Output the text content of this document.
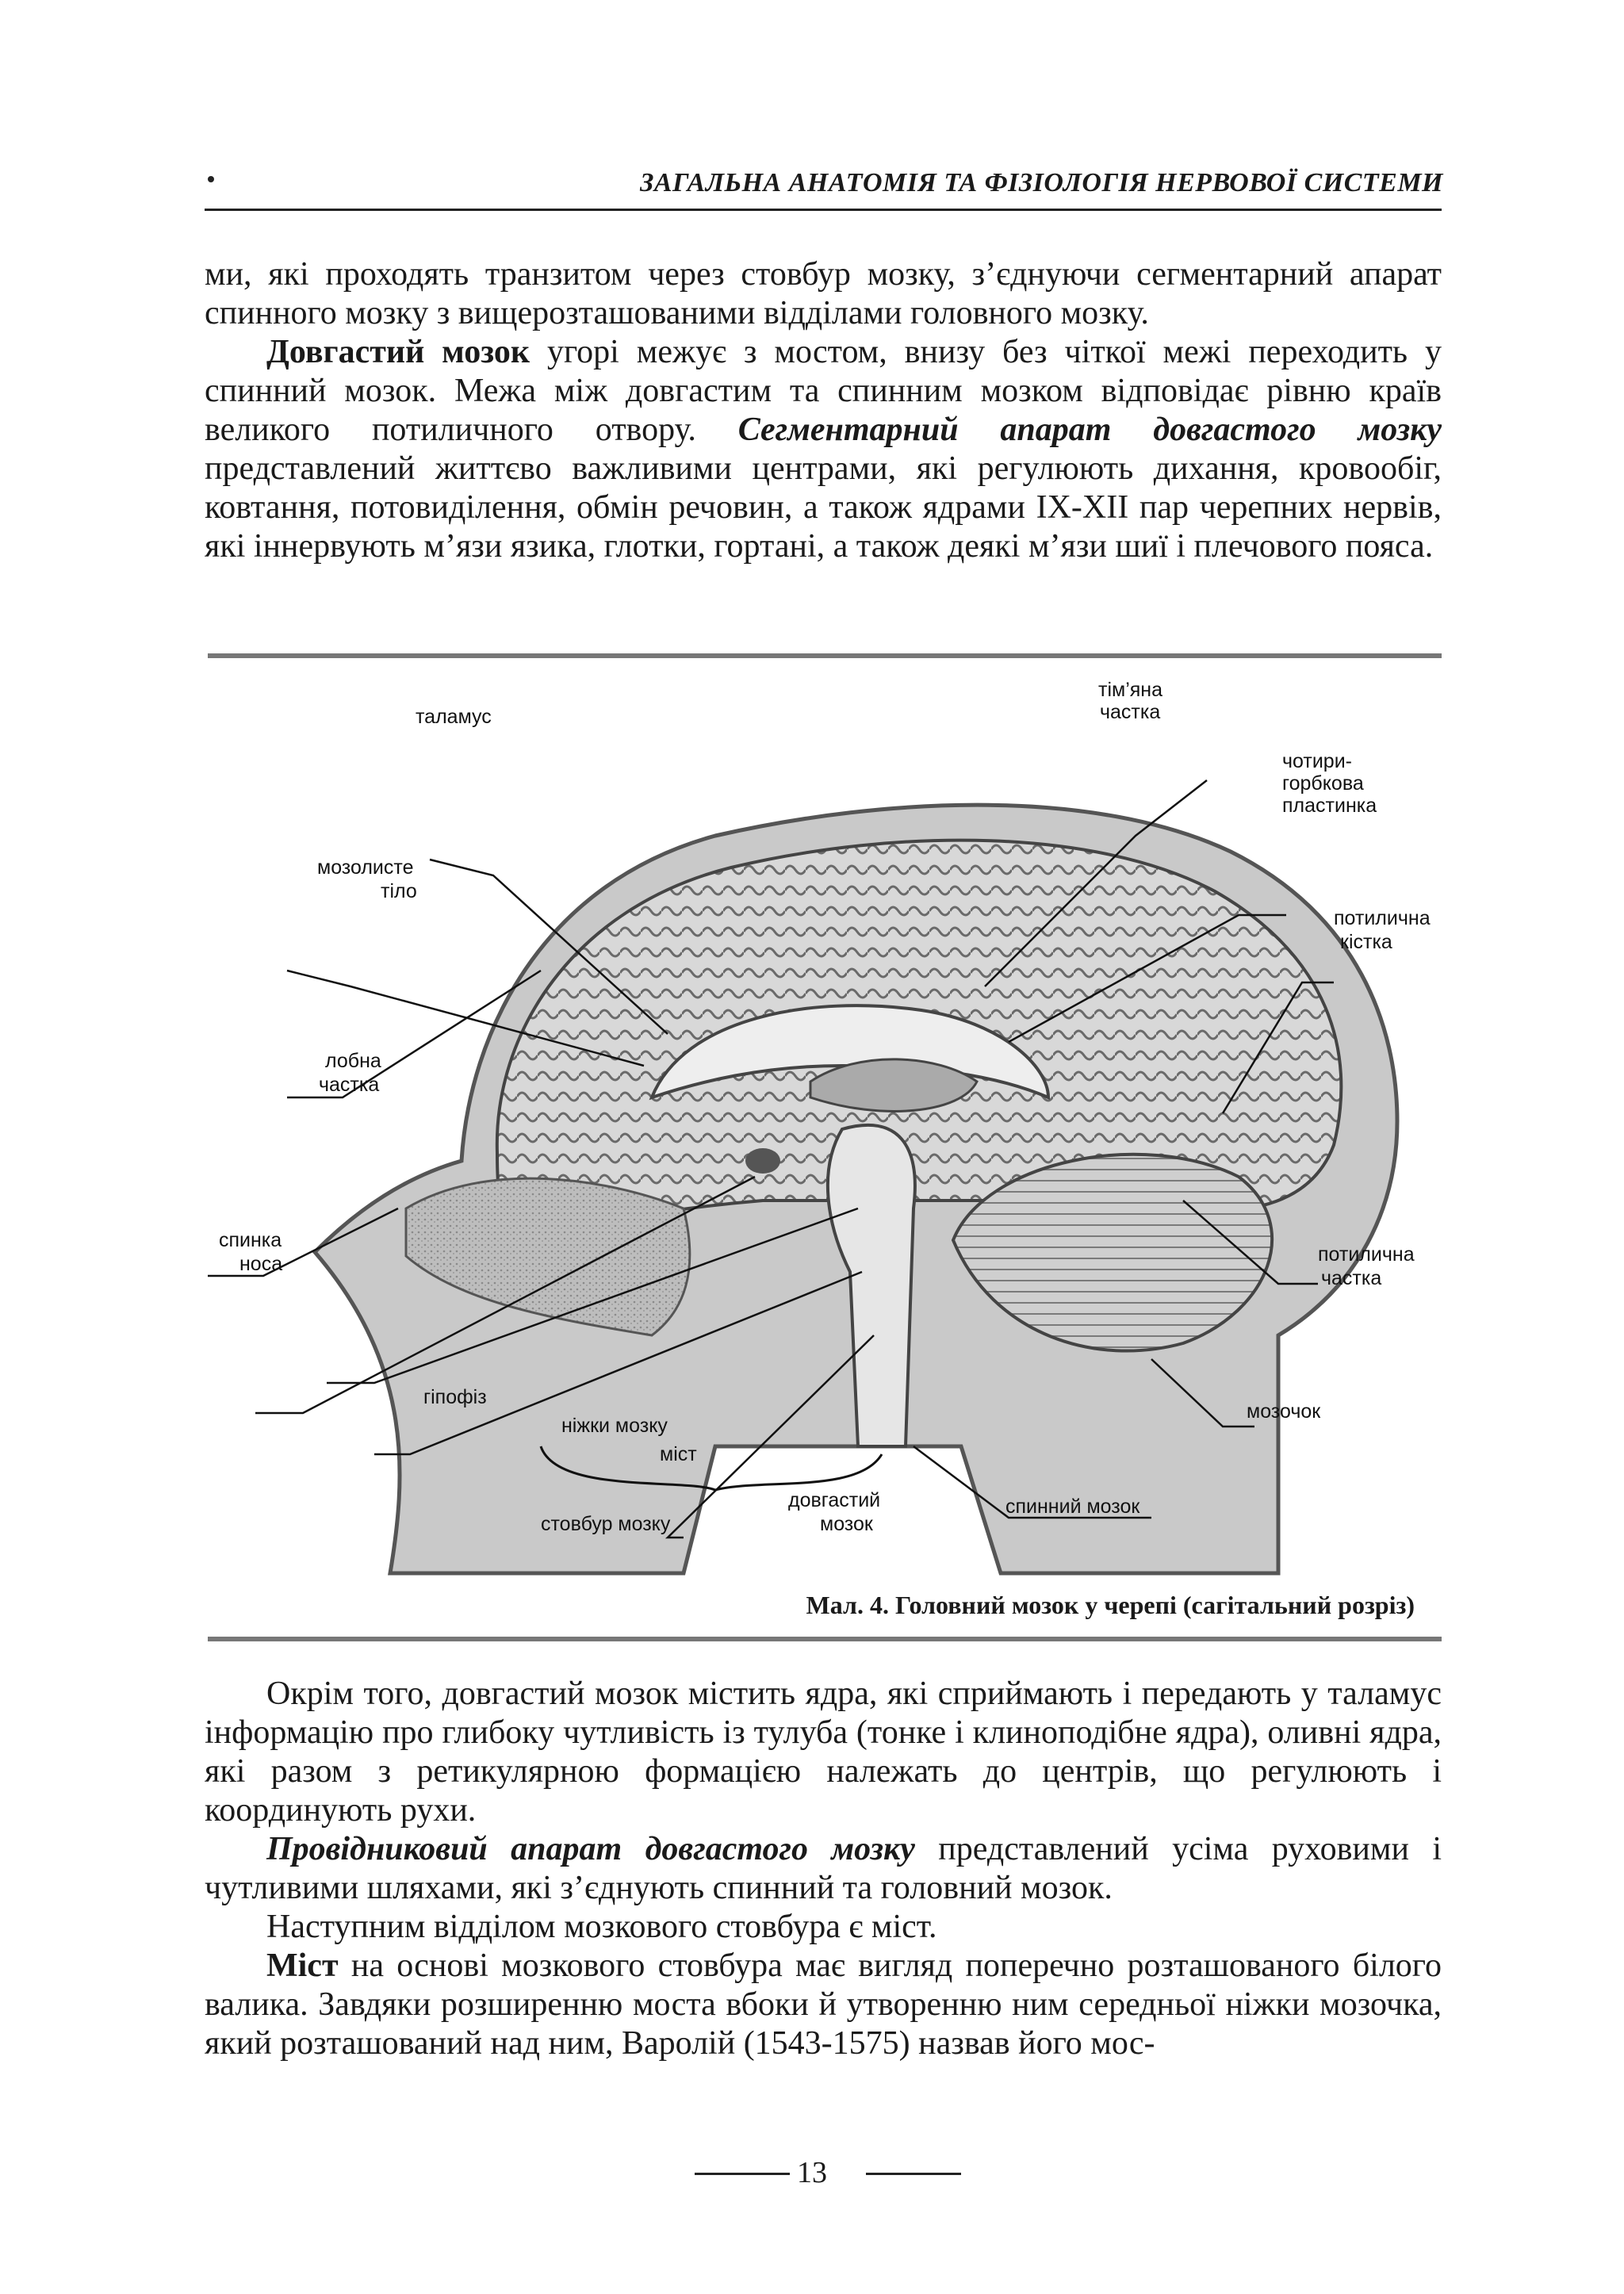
ЗАГАЛЬНА АНАТОМІЯ ТА ФІЗІОЛОГІЯ НЕРВОВОЇ СИСТЕМИ

ми, які проходять транзитом через стовбур мозку, з’єднуючи сегментарний апарат спинного мозку з вищерозташованими відділами головного мозку.

Довгастий мозок угорі межує з мостом, внизу без чіткої межі переходить у спинний мозок. Межа між довгастим та спинним мозком відповідає рівню країв великого потиличного отвору. Сегментарний апарат довгастого мозку представлений життєво важливими центрами, які регулюють дихання, кровообіг, ковтання, потовиділення, обмін речовин, а також ядрами IX-XII пар черепних нервів, які іннервують м’язи язика, глотки, гортані, а також деякі м’язи шиї і плечового пояса.

таламус
тім’яна
частка
чотири-
горбкова
пластинка
мозолисте
тіло
потилична
кістка
лобна
частка
спинка
носа	потилична
частка
гіпофіз
ніжки мозку
мозочок
міст
довгастий
мозок
спинний мозок
стовбур мозку
Мал. 4. Головний мозок у черепі (сагітальний розріз)

Окрім того, довгастий мозок містить ядра, які сприймають і передають у таламус інформацію про глибоку чутливість із тулуба (тонке і клиноподібне ядра), оливні ядра, які разом з ретикулярною формацією належать до центрів, що регулюють і координують рухи.

Провідниковий апарат довгастого мозку представлений усіма руховими і чутливими шляхами, які з’єднують спинний та головний мозок.

Наступним відділом мозкового стовбура є міст.

Міст на основі мозкового стовбура має вигляд поперечно розташованого білого валика. Завдяки розширенню моста вбоки й утворенню ним середньої ніжки мозочка, який розташований над ним, Варолій (1543-1575) назвав його мос-

13
